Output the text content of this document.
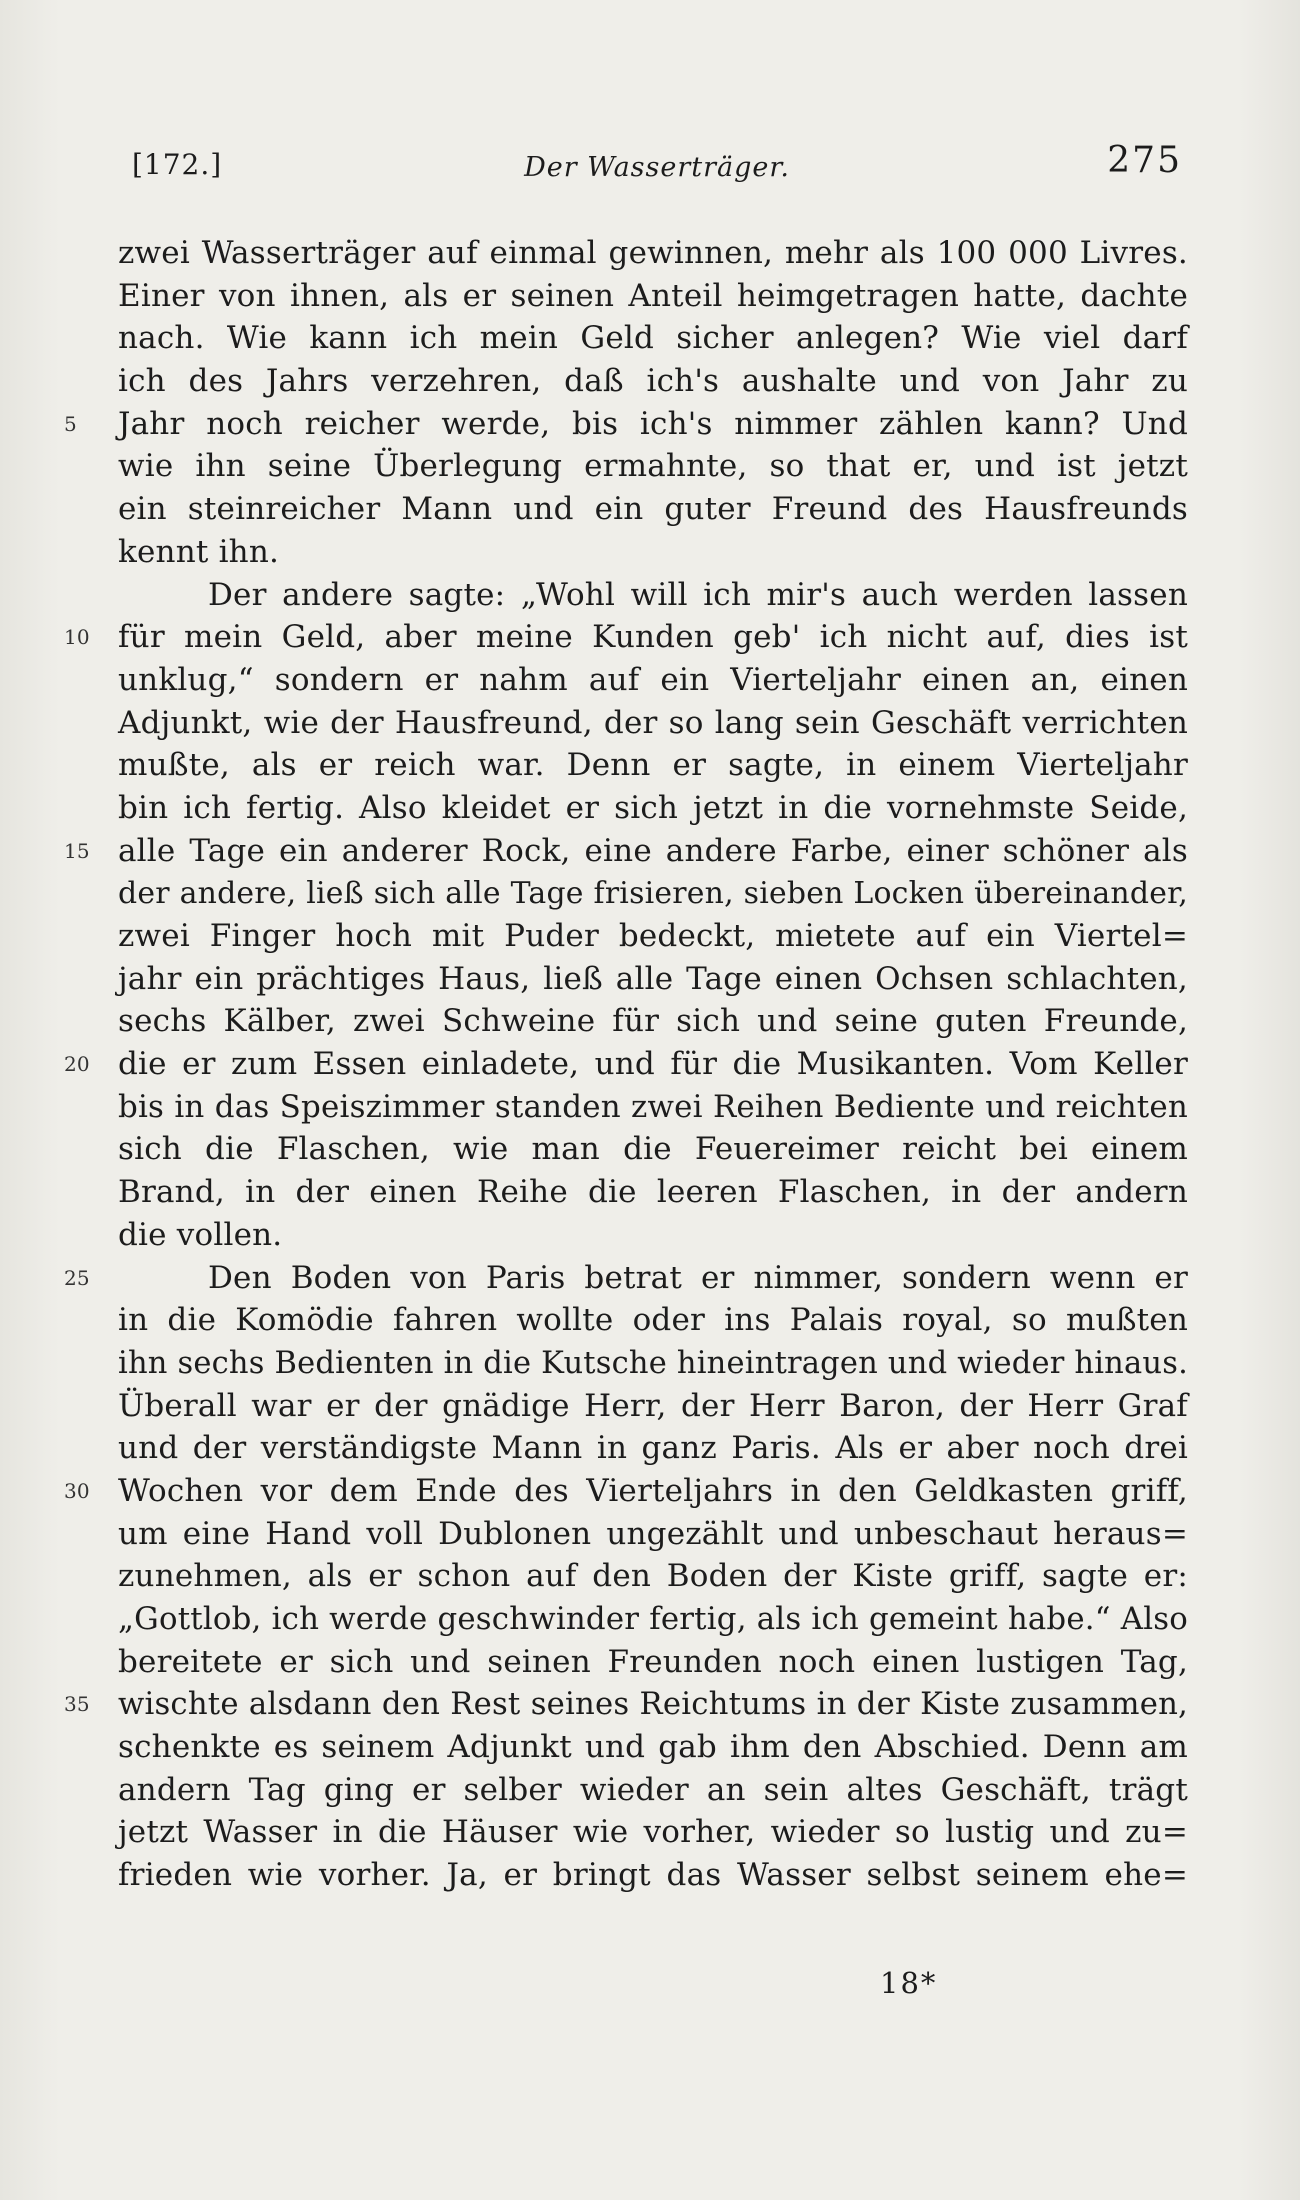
[172.]	Der Wasserträger.	275
zwei Wasserträger auf einmal gewinnen, mehr als 100 000 Livres.
Einer von ihnen, als er seinen Anteil heimgetragen hatte, dachte
nach. Wie kann ich mein Geld sicher anlegen? Wie viel darf
ich des Jahrs verzehren, daß ich's aushalte und von Jahr zu
5	Jahr noch reicher werde, bis ich's nimmer zählen kann? Und
wie ihn seine Überlegung ermahnte, so that er, und ist jetzt
ein steinreicher Mann und ein guter Freund des Hausfreunds
kennt ihn.
Der andere sagte: „Wohl will ich mir's auch werden lassen
10 für mein Geld, aber meine Kunden geb' ich nicht auf, dies ist
unklug,“ sondern er nahm auf ein Vierteljahr einen an, einen
Adjunkt, wie der Hausfreund, der so lang sein Geschäft verrichten
mußte, als er reich war. Denn er sagte, in einem Vierteljahr
bin ich fertig. Also kleidet er sich jetzt in die vornehmste Seide,
15 alle Tage ein anderer Rock, eine andere Farbe, einer schöner als
der andere, ließ sich alle Tage frisieren, sieben Locken übereinander,
zwei Finger hoch mit Puder bedeckt, mietete auf ein Viertel=
jahr ein prächtiges Haus, ließ alle Tage einen Ochsen schlachten,
sechs Kälber, zwei Schweine für sich und seine guten Freunde,
20 die er zum Essen einladete, und für die Musikanten. Vom Keller
bis in das Speiszimmer standen zwei Reihen Bediente und reichten
sich die Flaschen, wie man die Feuereimer reicht bei einem
Brand, in der einen Reihe die leeren Flaschen, in der andern
die vollen.
25	Den Boden von Paris betrat er nimmer, sondern wenn er
in die Komödie fahren wollte oder ins Palais royal, so mußten
ihn sechs Bedienten in die Kutsche hineintragen und wieder hinaus.
Überall war er der gnädige Herr, der Herr Baron, der Herr Graf
und der verständigste Mann in ganz Paris. Als er aber noch drei
30 Wochen vor dem Ende des Vierteljahrs in den Geldkasten griff,
um eine Hand voll Dublonen ungezählt und unbeschaut heraus=
zunehmen, als er schon auf den Boden der Kiste griff, sagte er:
„Gottlob, ich werde geschwinder fertig, als ich gemeint habe.“ Also
bereitete er sich und seinen Freunden noch einen lustigen Tag,
35 wischte alsdann den Rest seines Reichtums in der Kiste zusammen,
schenkte es seinem Adjunkt und gab ihm den Abschied. Denn am
andern Tag ging er selber wieder an sein altes Geschäft, trägt
jetzt Wasser in die Häuser wie vorher, wieder so lustig und zu=
frieden wie vorher. Ja, er bringt das Wasser selbst seinem ehe=
18*
